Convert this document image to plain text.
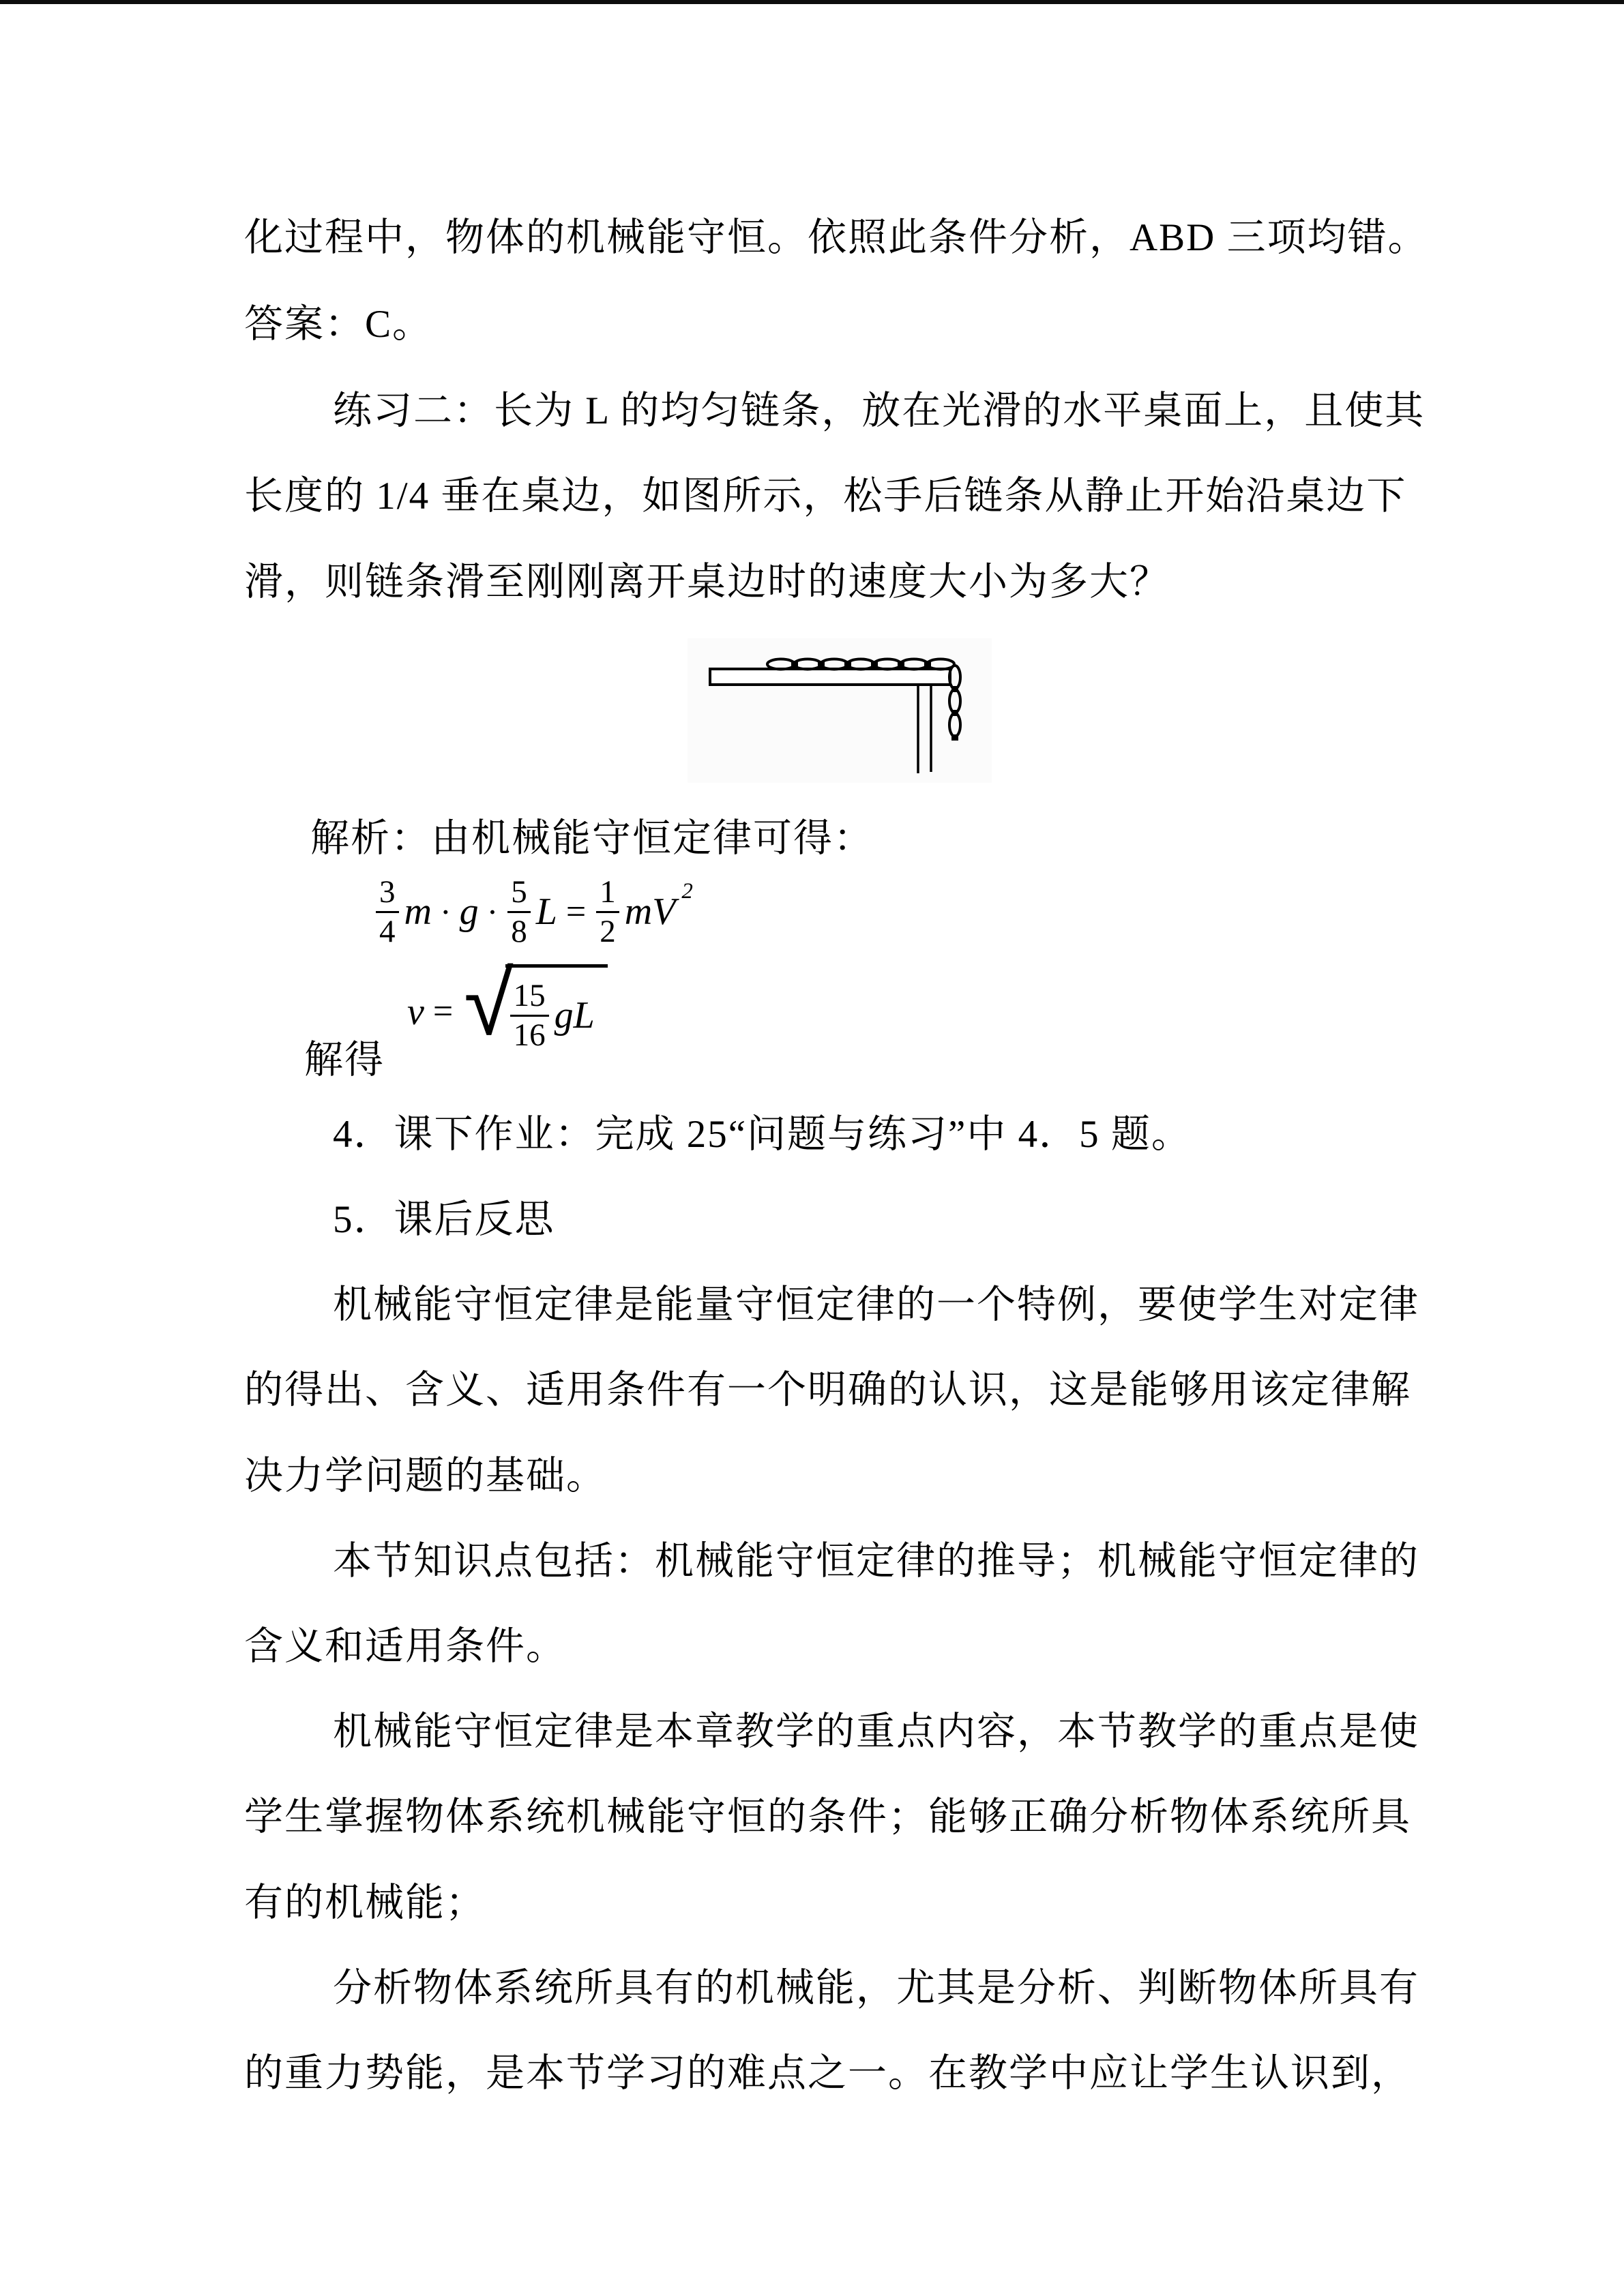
化过程中，物体的机械能守恒。依照此条件分析，ABD 三项均错。
答案：C。
练习二：长为 L 的均匀链条，放在光滑的水平桌面上，且使其
长度的 1/4 垂在桌边，如图所示，松手后链条从静止开始沿桌边下
滑，则链条滑至刚刚离开桌边时的速度大小为多大？
解析：由机械能守恒定律可得：
$\frac{3}{4}$ $m \cdot g \cdot \frac{5}{8}$ $L = \frac{1}{2}$ mV 2
解得
v = √
$\frac{15}{16}$ gL
4．课下作业：完成 25“问题与练习”中 4．5 题。
5．课后反思
机械能守恒定律是能量守恒定律的一个特例，要使学生对定律
的得出、含义、适用条件有一个明确的认识，这是能够用该定律解
决力学问题的基础。
本节知识点包括：机械能守恒定律的推导；机械能守恒定律的
含义和适用条件。
机械能守恒定律是本章教学的重点内容，本节教学的重点是使
学生掌握物体系统机械能守恒的条件；能够正确分析物体系统所具
有的机械能；
分析物体系统所具有的机械能，尤其是分析、判断物体所具有
的重力势能，是本节学习的难点之一。在教学中应让学生认识到，
